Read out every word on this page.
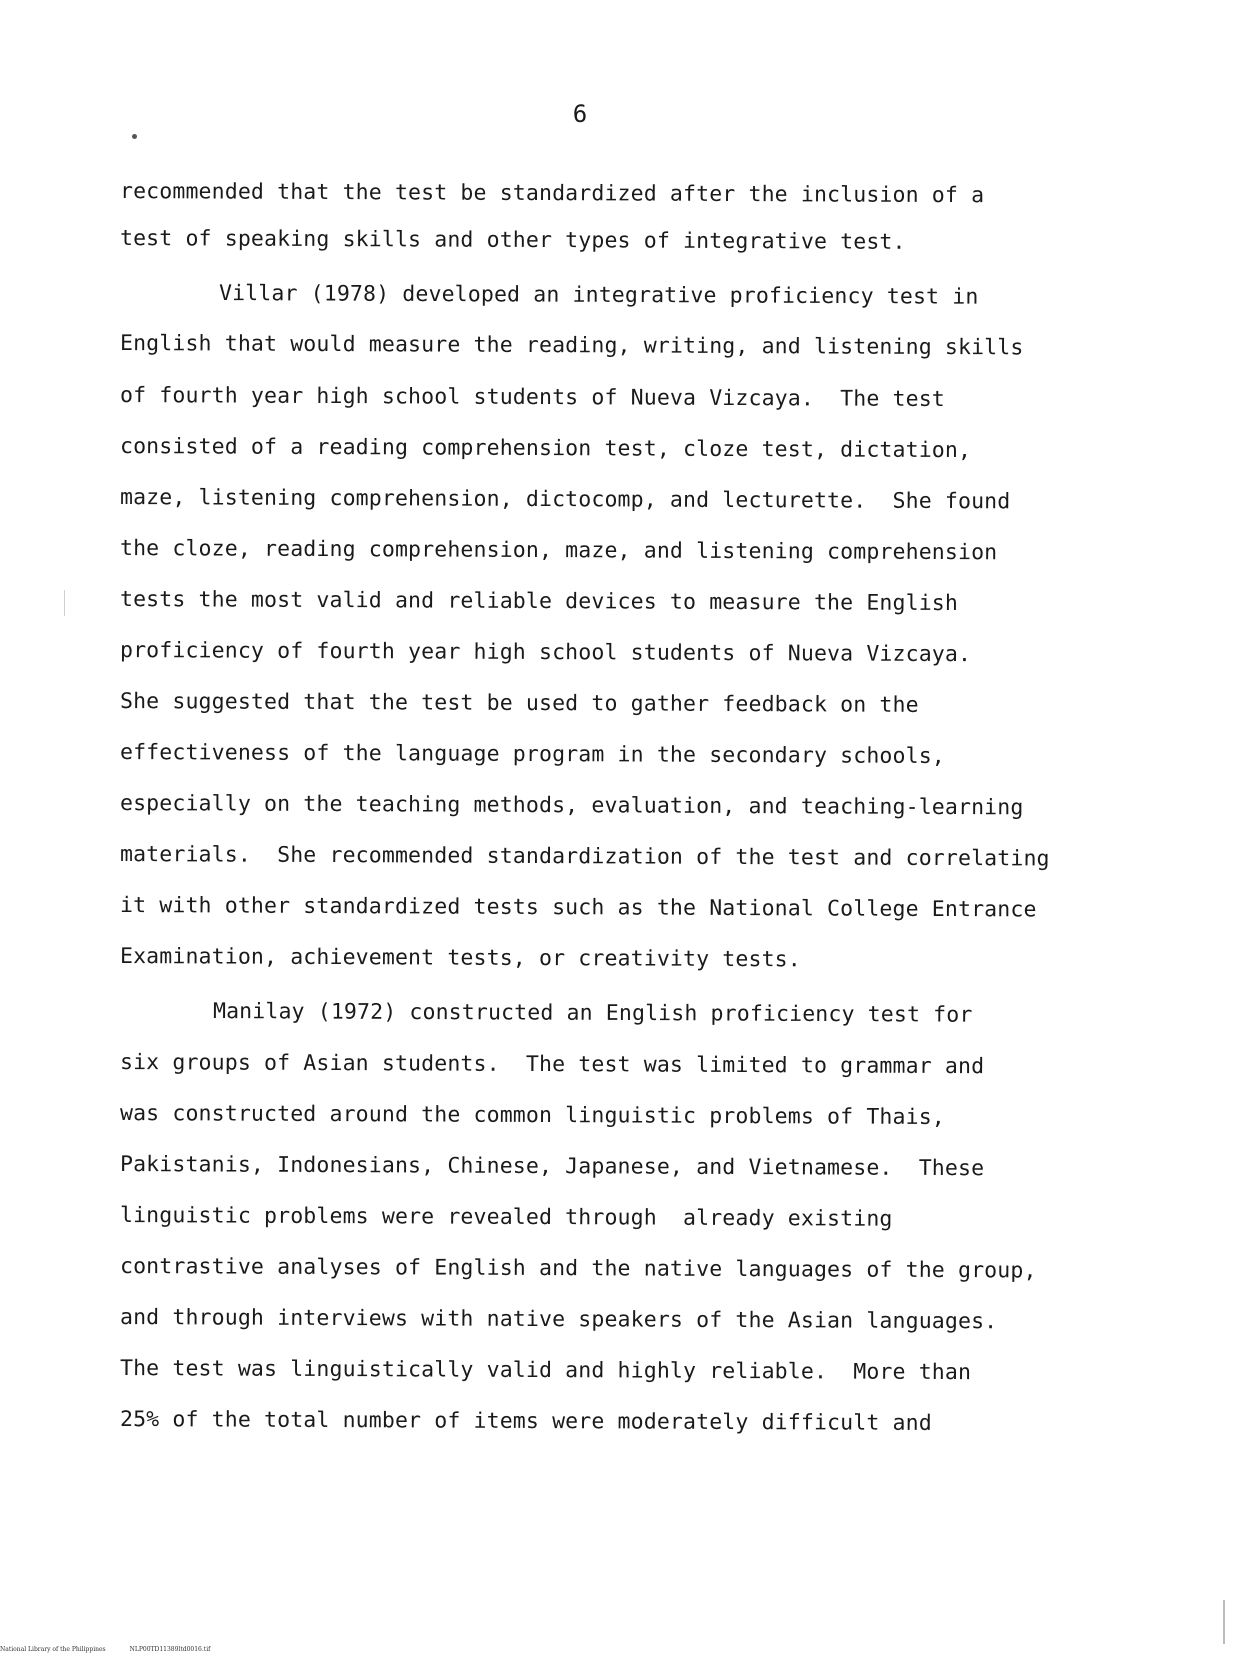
6
recommended that the test be standardized after the inclusion of a
test of speaking skills and other types of integrative test.
Villar (1978) developed an integrative proficiency test in
English that would measure the reading, writing, and listening skills
of fourth year high school students of Nueva Vizcaya.  The test
consisted of a reading comprehension test, cloze test, dictation,
maze, listening comprehension, dictocomp, and lecturette.  She found
the cloze, reading comprehension, maze, and listening comprehension
tests the most valid and reliable devices to measure the English
proficiency of fourth year high school students of Nueva Vizcaya.
She suggested that the test be used to gather feedback on the
effectiveness of the language program in the secondary schools,
especially on the teaching methods, evaluation, and teaching-learning
materials.  She recommended standardization of the test and correlating
it with other standardized tests such as the National College Entrance
Examination, achievement tests, or creativity tests.
Manilay (1972) constructed an English proficiency test for
six groups of Asian students.  The test was limited to grammar and
was constructed around the common linguistic problems of Thais,
Pakistanis, Indonesians, Chinese, Japanese, and Vietnamese.  These
linguistic problems were revealed through  already existing
contrastive analyses of English and the native languages of the group,
and through interviews with native speakers of the Asian languages.
The test was linguistically valid and highly reliable.  More than
25% of the total number of items were moderately difficult and
National Library of the Philippines	NLP00TD11389ltd0016.tif
